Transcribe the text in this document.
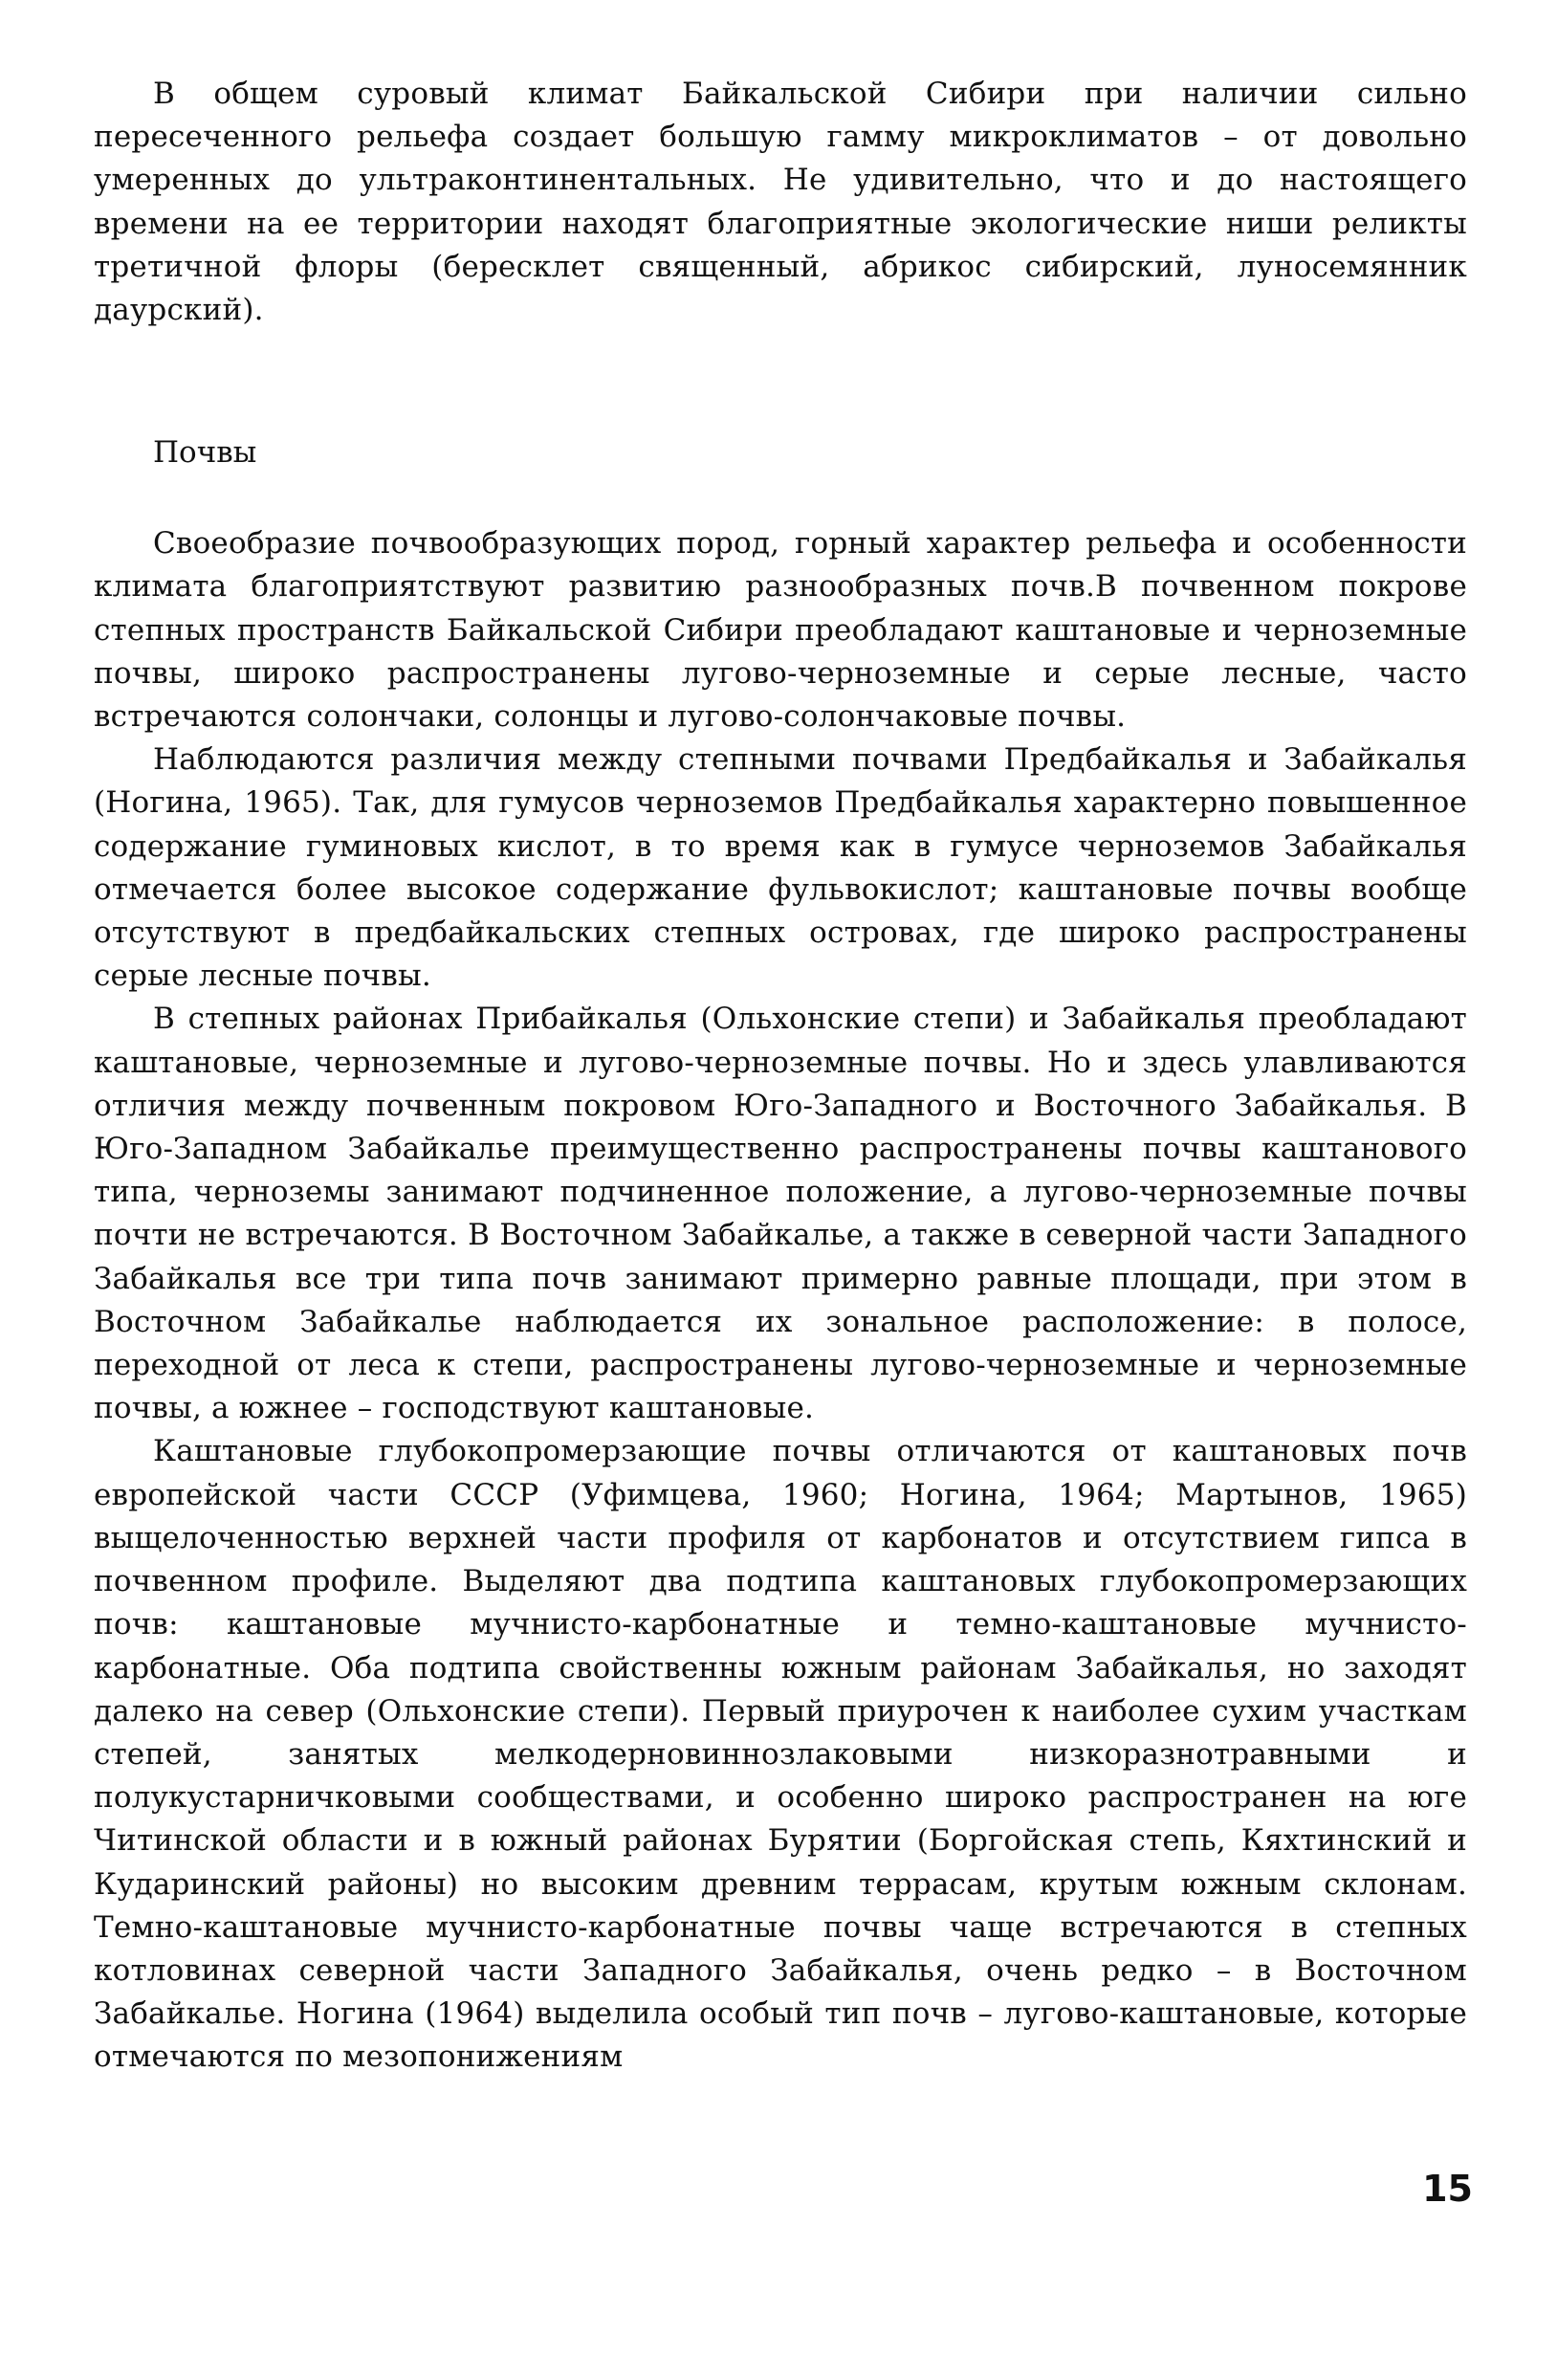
В общем суровый климат Байкальской Сибири при наличии сильно пересеченного рельефа создает большую гамму микроклиматов – от довольно умеренных до ультраконтинентальных. Не удивительно, что и до настоящего времени на ее территории находят благоприятные экологические ниши реликты третичной флоры (бересклет священный, абрикос сибирский, луносемянник даурский).

Почвы

Своеобразие почвообразующих пород, горный характер рельефа и особенности климата благоприятствуют развитию разнообразных почв.В почвенном покрове степных пространств Байкальской Сибири преобладают каштановые и черноземные почвы, широко распространены лугово-черноземные и серые лесные, часто встречаются солончаки, солонцы и лугово-солончаковые почвы.

Наблюдаются различия между степными почвами Предбайкалья и Забайкалья (Ногина, 1965). Так, для гумусов черноземов Предбайкалья характерно повышенное содержание гуминовых кислот, в то время как в гумусе черноземов Забайкалья отмечается более высокое содержание фульвокислот; каштановые почвы вообще отсутствуют в предбайкальских степных островах, где широко распространены серые лесные почвы.

В степных районах Прибайкалья (Ольхонские степи) и Забайкалья преобладают каштановые, черноземные и лугово-черноземные почвы. Но и здесь улавливаются отличия между почвенным покровом Юго-Западного и Восточного Забайкалья. В Юго-Западном Забайкалье преимущественно распространены почвы каштанового типа, черноземы занимают подчиненное положение, а лугово-черноземные почвы почти не встречаются. В Восточном Забайкалье, а также в северной части Западного Забайкалья все три типа почв занимают примерно равные площади, при этом в Восточном Забайкалье наблюдается их зональное расположение: в полосе, переходной от леса к степи, распространены лугово-черноземные и черноземные почвы, а южнее – господствуют каштановые.

Каштановые глубокопромерзающие почвы отличаются от каштановых почв европейской части СССР (Уфимцева, 1960; Ногина, 1964; Мартынов, 1965) выщелоченностью верхней части профиля от карбонатов и отсутствием гипса в почвенном профиле. Выделяют два подтипа каштановых глубокопромерзающих почв: каштановые мучнисто-карбонатные и темно-каштановые мучнисто-карбонатные. Оба подтипа свойственны южным районам Забайкалья, но заходят далеко на север (Ольхонские степи). Первый приурочен к наиболее сухим участкам степей, занятых мелкодерновиннозлаковыми низкоразнотравными и полукустарничковыми сообществами, и особенно широко распространен на юге Читинской области и в южный районах Бурятии (Боргойская степь, Кяхтинский и Кударинский районы) но высоким древним террасам, крутым южным склонам. Темно-каштановые мучнисто-карбонатные почвы чаще встречаются в степных котловинах северной части Западного Забайкалья, очень редко – в Восточном Забайкалье. Ногина (1964) выделила особый тип почв – лугово-каштановые, которые отмечаются по мезопонижениям

15
